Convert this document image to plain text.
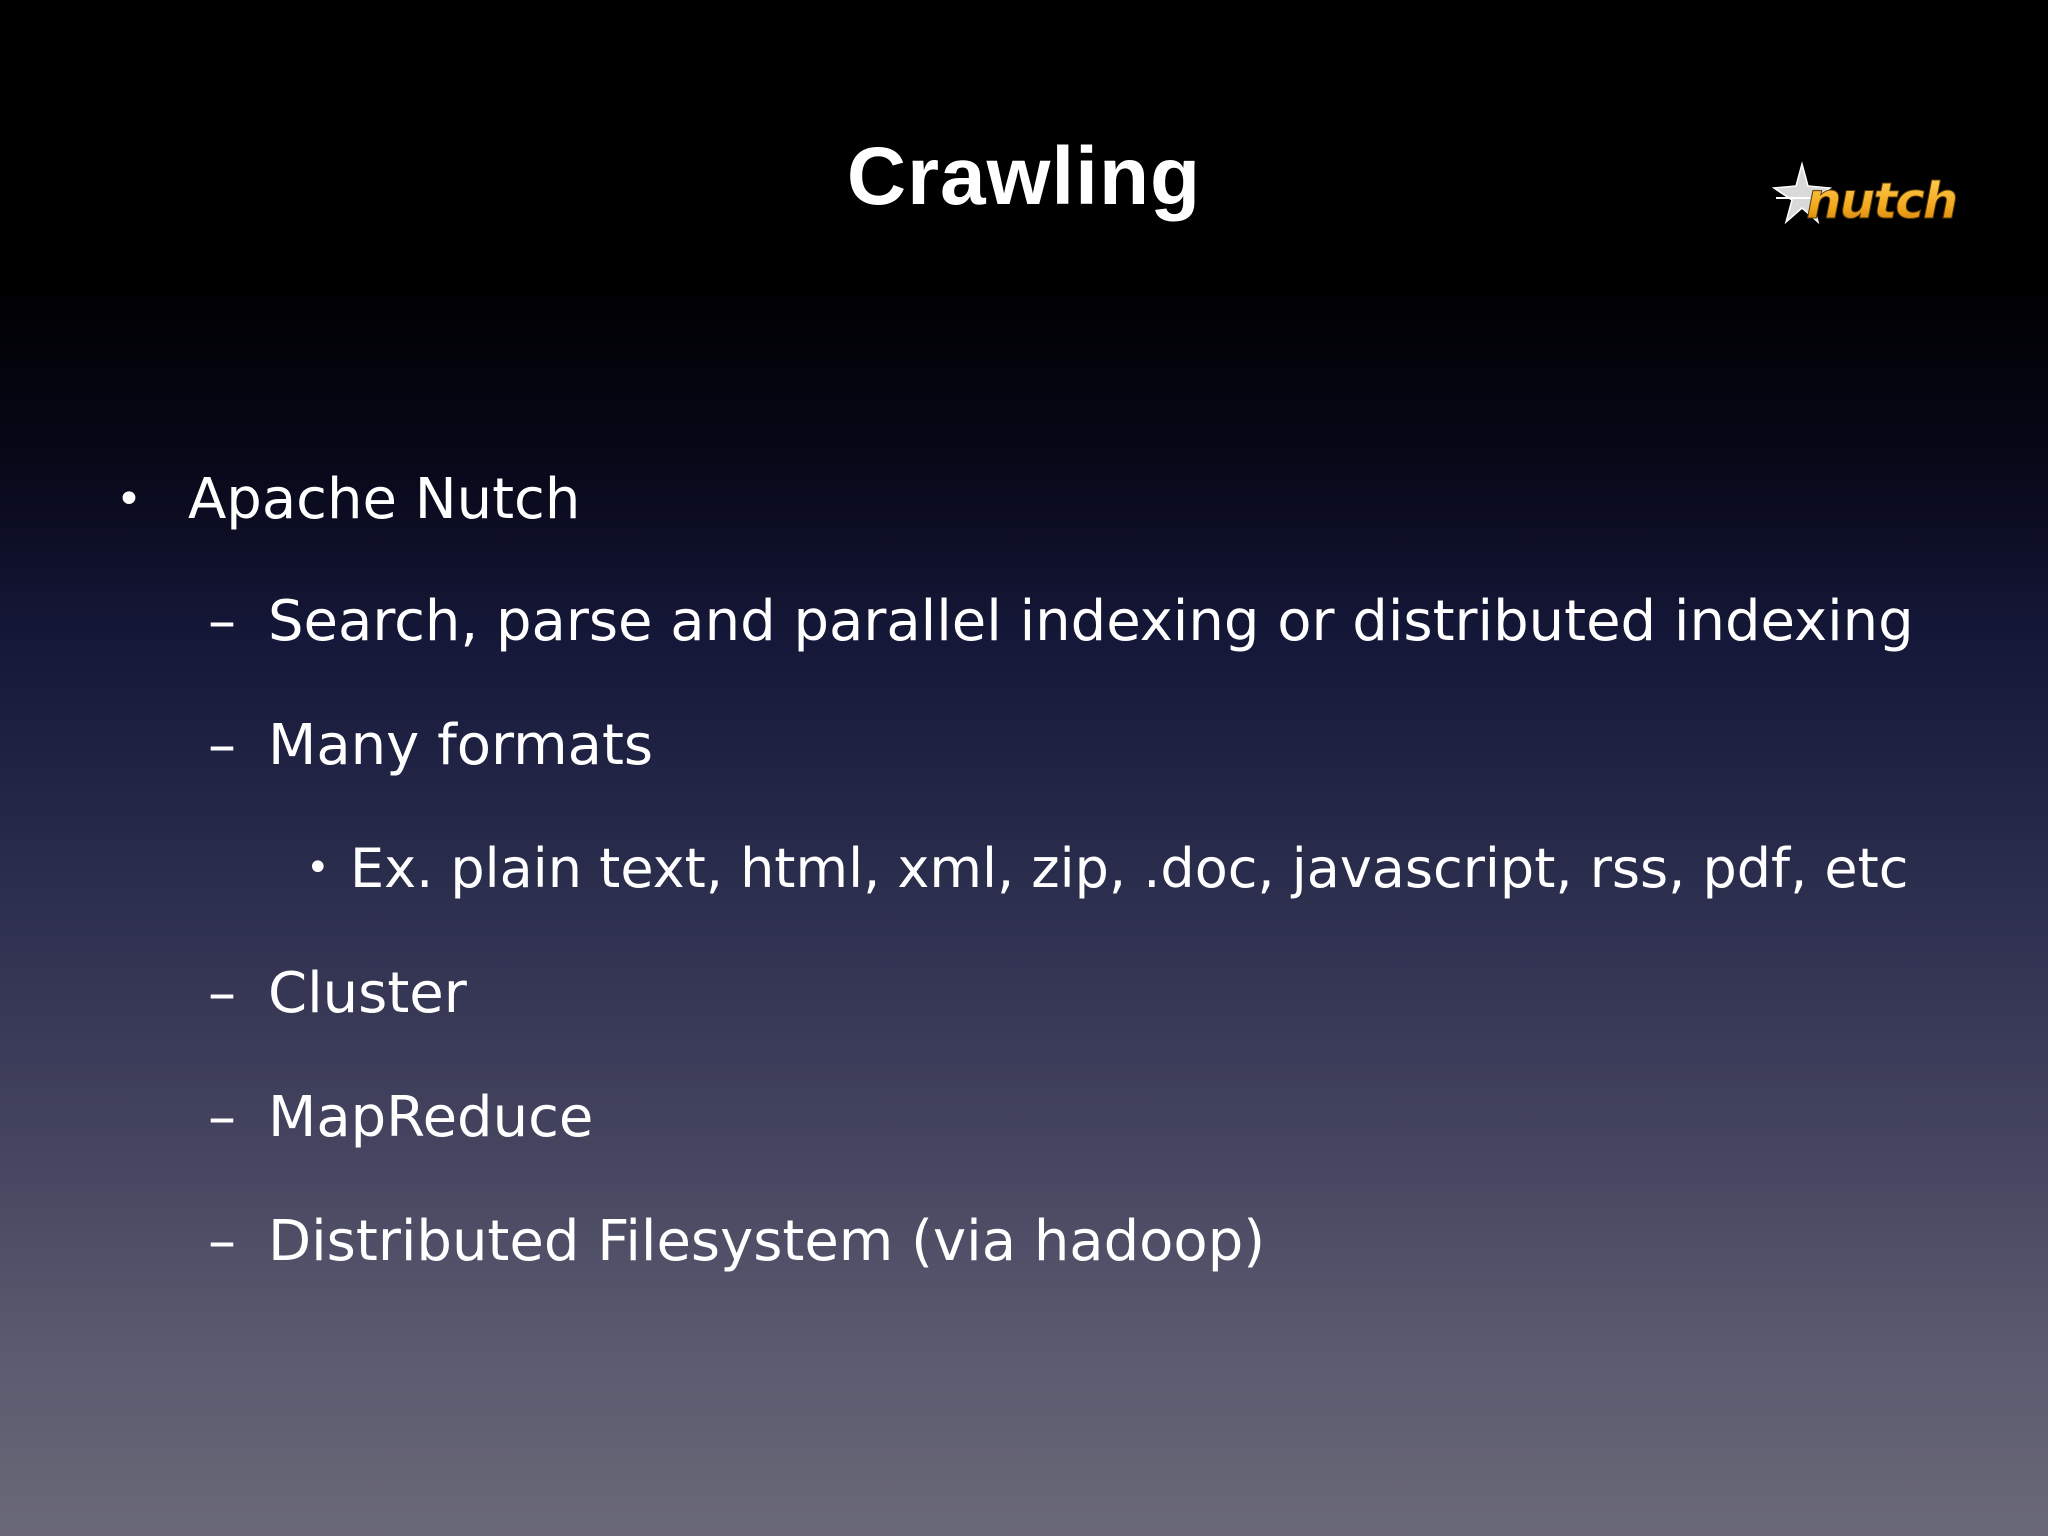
Crawling	nutch
• Apache Nutch
– Search, parse and parallel indexing or distributed indexing
– Many formats
• Ex. plain text, html, xml, zip, .doc, javascript, rss, pdf, etc
– Cluster
– MapReduce
– Distributed Filesystem (via hadoop)
